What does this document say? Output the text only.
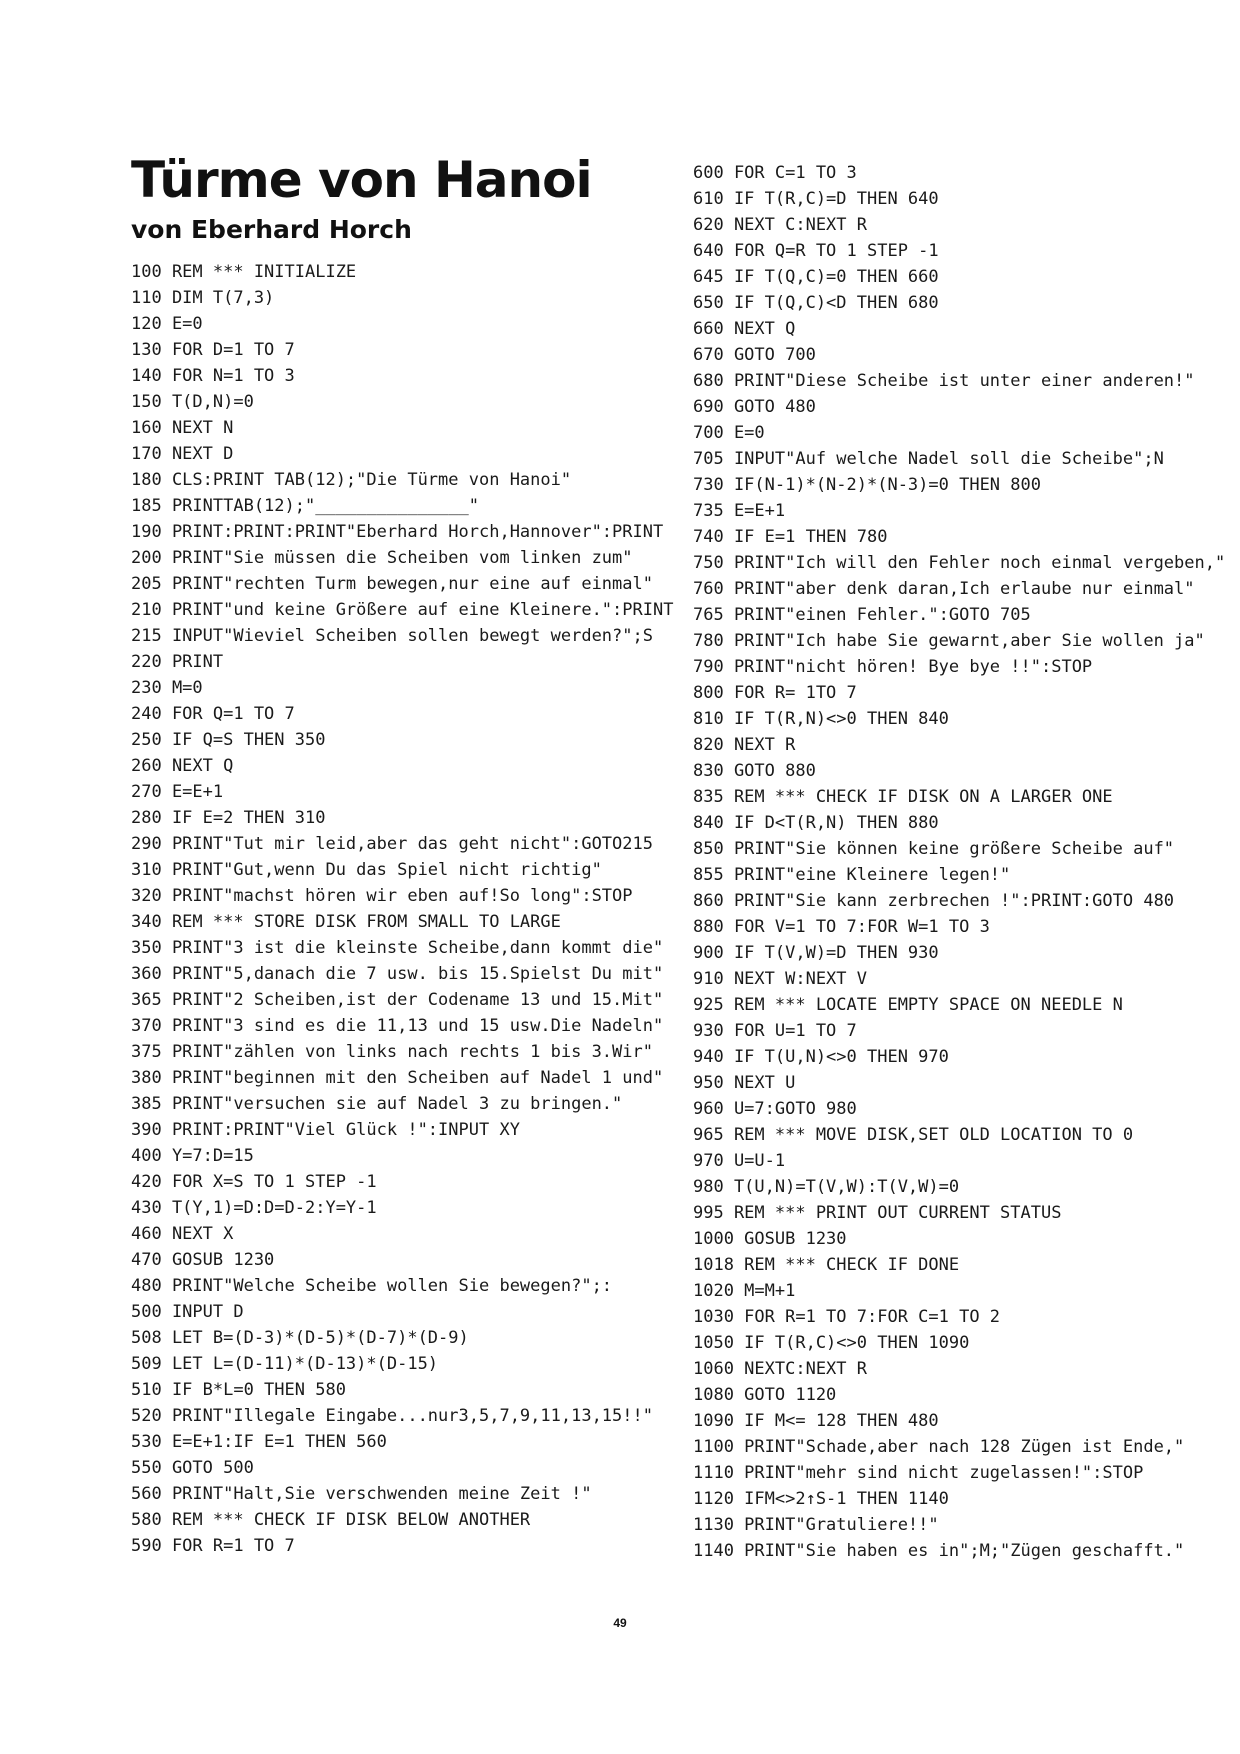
Türme von Hanoi
von Eberhard Horch
100 REM *** INITIALIZE
110 DIM T(7,3)
120 E=0
130 FOR D=1 TO 7
140 FOR N=1 TO 3
150 T(D,N)=0
160 NEXT N
170 NEXT D
180 CLS:PRINT TAB(12);"Die Türme von Hanoi"
185 PRINTTAB(12);"_______________"
190 PRINT:PRINT:PRINT"Eberhard Horch,Hannover":PRINT
200 PRINT"Sie müssen die Scheiben vom linken zum"
205 PRINT"rechten Turm bewegen,nur eine auf einmal"
210 PRINT"und keine Größere auf eine Kleinere.":PRINT
215 INPUT"Wieviel Scheiben sollen bewegt werden?";S
220 PRINT
230 M=0
240 FOR Q=1 TO 7
250 IF Q=S THEN 350
260 NEXT Q
270 E=E+1
280 IF E=2 THEN 310
290 PRINT"Tut mir leid,aber das geht nicht":GOTO215
310 PRINT"Gut,wenn Du das Spiel nicht richtig"
320 PRINT"machst hören wir eben auf!So long":STOP
340 REM *** STORE DISK FROM SMALL TO LARGE
350 PRINT"3 ist die kleinste Scheibe,dann kommt die"
360 PRINT"5,danach die 7 usw. bis 15.Spielst Du mit"
365 PRINT"2 Scheiben,ist der Codename 13 und 15.Mit"
370 PRINT"3 sind es die 11,13 und 15 usw.Die Nadeln"
375 PRINT"zählen von links nach rechts 1 bis 3.Wir"
380 PRINT"beginnen mit den Scheiben auf Nadel 1 und"
385 PRINT"versuchen sie auf Nadel 3 zu bringen."
390 PRINT:PRINT"Viel Glück !":INPUT XY
400 Y=7:D=15
420 FOR X=S TO 1 STEP -1
430 T(Y,1)=D:D=D-2:Y=Y-1
460 NEXT X
470 GOSUB 1230
480 PRINT"Welche Scheibe wollen Sie bewegen?";:
500 INPUT D
508 LET B=(D-3)*(D-5)*(D-7)*(D-9)
509 LET L=(D-11)*(D-13)*(D-15)
510 IF B*L=0 THEN 580
520 PRINT"Illegale Eingabe...nur3,5,7,9,11,13,15!!"
530 E=E+1:IF E=1 THEN 560
550 GOTO 500
560 PRINT"Halt,Sie verschwenden meine Zeit !"
580 REM *** CHECK IF DISK BELOW ANOTHER
590 FOR R=1 TO 7
600 FOR C=1 TO 3
610 IF T(R,C)=D THEN 640
620 NEXT C:NEXT R
640 FOR Q=R TO 1 STEP -1
645 IF T(Q,C)=0 THEN 660
650 IF T(Q,C)<D THEN 680
660 NEXT Q
670 GOTO 700
680 PRINT"Diese Scheibe ist unter einer anderen!"
690 GOTO 480
700 E=0
705 INPUT"Auf welche Nadel soll die Scheibe";N
730 IF(N-1)*(N-2)*(N-3)=0 THEN 800
735 E=E+1
740 IF E=1 THEN 780
750 PRINT"Ich will den Fehler noch einmal vergeben,"
760 PRINT"aber denk daran,Ich erlaube nur einmal"
765 PRINT"einen Fehler.":GOTO 705
780 PRINT"Ich habe Sie gewarnt,aber Sie wollen ja"
790 PRINT"nicht hören! Bye bye !!":STOP
800 FOR R= 1TO 7
810 IF T(R,N)<>0 THEN 840
820 NEXT R
830 GOTO 880
835 REM *** CHECK IF DISK ON A LARGER ONE
840 IF D<T(R,N) THEN 880
850 PRINT"Sie können keine größere Scheibe auf"
855 PRINT"eine Kleinere legen!"
860 PRINT"Sie kann zerbrechen !":PRINT:GOTO 480
880 FOR V=1 TO 7:FOR W=1 TO 3
900 IF T(V,W)=D THEN 930
910 NEXT W:NEXT V
925 REM *** LOCATE EMPTY SPACE ON NEEDLE N
930 FOR U=1 TO 7
940 IF T(U,N)<>0 THEN 970
950 NEXT U
960 U=7:GOTO 980
965 REM *** MOVE DISK,SET OLD LOCATION TO 0
970 U=U-1
980 T(U,N)=T(V,W):T(V,W)=0
995 REM *** PRINT OUT CURRENT STATUS
1000 GOSUB 1230
1018 REM *** CHECK IF DONE
1020 M=M+1
1030 FOR R=1 TO 7:FOR C=1 TO 2
1050 IF T(R,C)<>0 THEN 1090
1060 NEXTC:NEXT R
1080 GOTO 1120
1090 IF M<= 128 THEN 480
1100 PRINT"Schade,aber nach 128 Zügen ist Ende,"
1110 PRINT"mehr sind nicht zugelassen!":STOP
1120 IFM<>2↑S-1 THEN 1140
1130 PRINT"Gratuliere!!"
1140 PRINT"Sie haben es in";M;"Zügen geschafft."
49
